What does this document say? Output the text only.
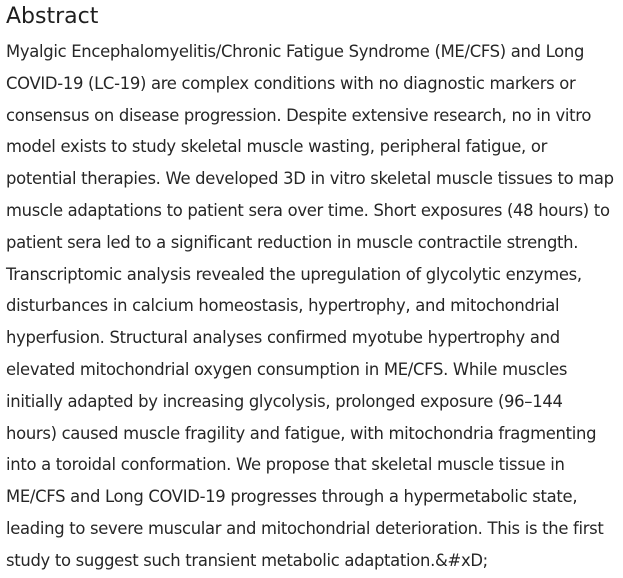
Abstract

Myalgic Encephalomyelitis/Chronic Fatigue Syndrome (ME/CFS) and Long COVID-19 (LC-19) are complex conditions with no diagnostic markers or consensus on disease progression. Despite extensive research, no in vitro model exists to study skeletal muscle wasting, peripheral fatigue, or potential therapies. We developed 3D in vitro skeletal muscle tissues to map muscle adaptations to patient sera over time. Short exposures (48 hours) to patient sera led to a significant reduction in muscle contractile strength. Transcriptomic analysis revealed the upregulation of glycolytic enzymes, disturbances in calcium homeostasis, hypertrophy, and mitochondrial hyperfusion. Structural analyses confirmed myotube hypertrophy and elevated mitochondrial oxygen consumption in ME/CFS. While muscles initially adapted by increasing glycolysis, prolonged exposure (96–144 hours) caused muscle fragility and fatigue, with mitochondria fragmenting into a toroidal conformation. We propose that skeletal muscle tissue in ME/CFS and Long COVID-19 progresses through a hypermetabolic state, leading to severe muscular and mitochondrial deterioration. This is the first study to suggest such transient metabolic adaptation.&#xD;
